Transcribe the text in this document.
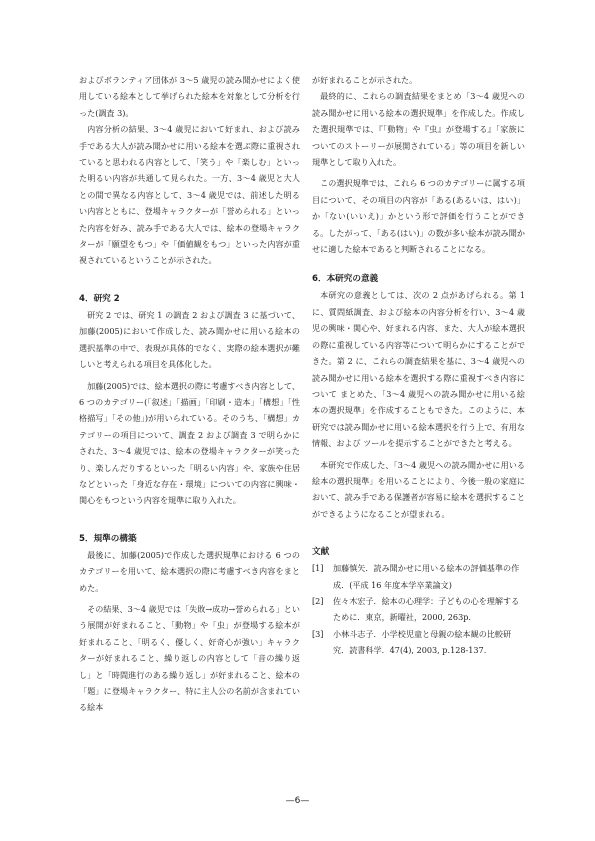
およびボランティア団体が 3〜5 歳児の読み聞かせによく使用している絵本として挙げられた絵本を対象として分析を行った(調査 3)。

内容分析の結果、3〜4 歳児において好まれ、および読み手である大人が読み聞かせに用いる絵本を選ぶ際に重視されていると思われる内容として、「笑う」や「楽しむ」といった明るい内容が共通して見られた。一方、3〜4 歳児と大人との間で異なる内容として、3〜4 歳児では、前述した明るい内容とともに、登場キャラクターが「誉められる」といった内容を好み、読み手である大人では、絵本の登場キャラクターが「願望をもつ」や「価値観をもつ」といった内容が重視されているということが示された。

4．研究 2

研究 2 では、研究 1 の調査 2 および調査 3 に基づいて、加藤(2005)において作成した、読み聞かせに用いる絵本の選択基準の中で、表現が具体的でなく、実際の絵本選択が難しいと考えられる項目を具体化した。

加藤(2005)では、絵本選択の際に考慮すべき内容として、6 つのカテゴリー(「叙述」「描画」「印刷・造本」「構想」「性格描写」「その他」)が用いられている。そのうち、「構想」カテゴリーの項目について、調査 2 および調査 3 で明らかにされた、3〜4 歳児では、絵本の登場キャラクターが笑ったり、楽しんだりするといった「明るい内容」や、家族や住居などといった「身近な存在・環境」についての内容に興味・関心をもつという内容を規準に取り入れた。

5．規準の構築

最後に、加藤(2005)で作成した選択規準における 6 つのカテゴリーを用いて、絵本選択の際に考慮すべき内容をまとめた。

その結果、3〜4 歳児では「失敗→成功→誉められる」という展開が好まれること、「動物」や「虫」が登場する絵本が好まれること、「明るく、優しく、好奇心が強い」キャラクターが好まれること、繰り返しの内容として「音の繰り返し」と「時間進行のある繰り返し」が好まれること、絵本の「題」に登場キャラクター、特に主人公の名前が含まれている絵本

が好まれることが示された。

最終的に、これらの調査結果をまとめ「3〜4 歳児への読み聞かせに用いる絵本の選択規準」を作成した。作成した選択規準では、『「動物」や『虫』が登場する』「家族についてのストーリーが展開されている」等の項目を新しい規準として取り入れた。

この選択規準では、これら 6 つのカテゴリーに属する項目について、その項目の内容が「ある(あるいは、はい)」か「ない(いいえ)」かという形で評価を行うことができる。したがって、「ある(はい)」の数が多い絵本が読み聞かせに適した絵本であると判断されることになる。

6．本研究の意義

本研究の意義としては、次の 2 点があげられる。第 1 に、質問紙調査、および絵本の内容分析を行い、3〜4 歳児の興味・関心や、好まれる内容、また、大人が絵本選択の際に重視している内容等について明らかにすることができた。第 2 に、これらの調査結果を基に、3〜4 歳児への読み聞かせに用いる絵本を選択する際に重視すべき内容について まとめた、「3〜4 歳児への読み聞かせに用いる絵本の選択規準」を作成することもできた。このように、本研究では読み聞かせに用いる絵本選択を行う上で、有用な情報、および ツールを提示することができたと考える。

本研究で作成した、「3〜4 歳児への読み聞かせに用いる絵本の選択規準」を用いることにより、今後一般の家庭において、読み手である保護者が容易に絵本を選択することができるようになることが望まれる。

文献
[1] 加藤慎矢．読み聞かせに用いる絵本の評価基準の作成．(平成 16 年度本学卒業論文)
[2] 佐々木宏子．絵本の心理学：子どもの心を理解するために．東京，新曜社，2000, 263p.
[3] 小林斗志子．小学校児童と母親の絵本観の比較研究．読書科学．47(4), 2003, p.128-137.
—6—
